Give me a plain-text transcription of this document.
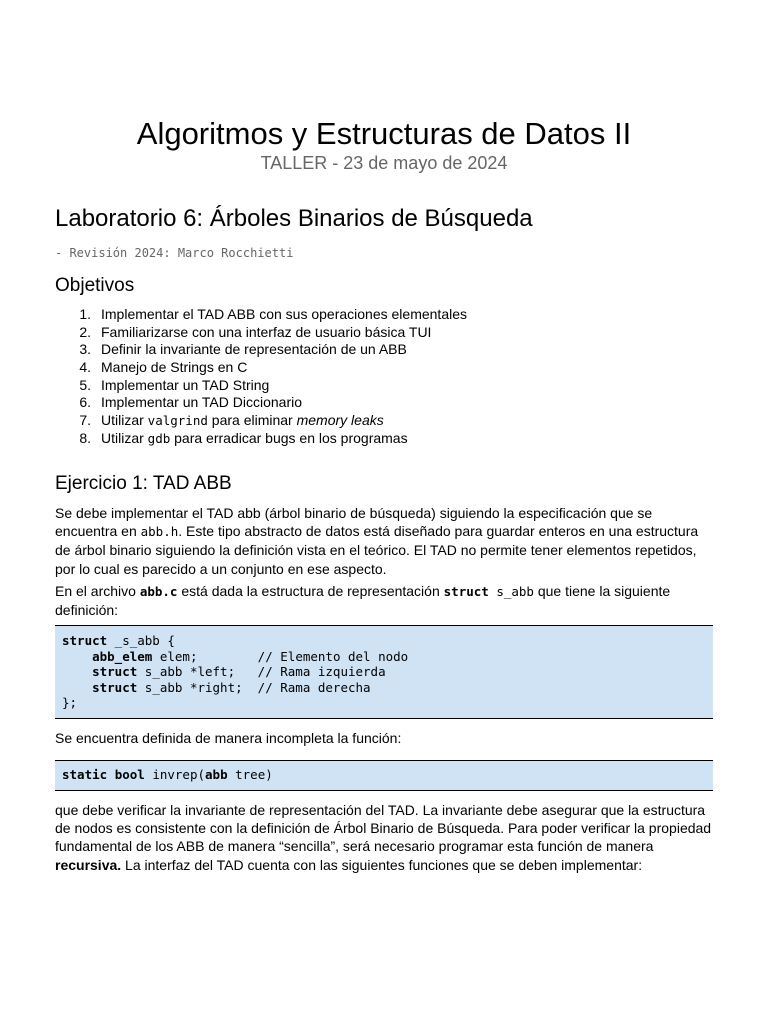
Algoritmos y Estructuras de Datos II
TALLER - 23 de mayo de 2024
Laboratorio 6: Árboles Binarios de Búsqueda
- Revisión 2024: Marco Rocchietti
Objetivos
1. Implementar el TAD ABB con sus operaciones elementales
2. Familiarizarse con una interfaz de usuario básica TUI
3. Definir la invariante de representación de un ABB
4. Manejo de Strings en C
5. Implementar un TAD String
6. Implementar un TAD Diccionario
7. Utilizar valgrind para eliminar memory leaks
8. Utilizar gdb para erradicar bugs en los programas
Ejercicio 1: TAD ABB

Se debe implementar el TAD abb (árbol binario de búsqueda) siguiendo la especificación que se encuentra en abb.h. Este tipo abstracto de datos está diseñado para guardar enteros en una estructura de árbol binario siguiendo la definición vista en el teórico. El TAD no permite tener elementos repetidos, por lo cual es parecido a un conjunto en ese aspecto.

En el archivo abb.c está dada la estructura de representación struct s_abb que tiene la siguiente definición:

struct _s_abb {
abb_elem elem;        // Elemento del nodo
struct s_abb *left;   // Rama izquierda
struct s_abb *right;  // Rama derecha
};

Se encuentra definida de manera incompleta la función:

static bool invrep(abb tree)

que debe verificar la invariante de representación del TAD. La invariante debe asegurar que la estructura de nodos es consistente con la definición de Árbol Binario de Búsqueda. Para poder verificar la propiedad fundamental de los ABB de manera “sencilla”, será necesario programar esta función de manera recursiva. La interfaz del TAD cuenta con las siguientes funciones que se deben implementar:
